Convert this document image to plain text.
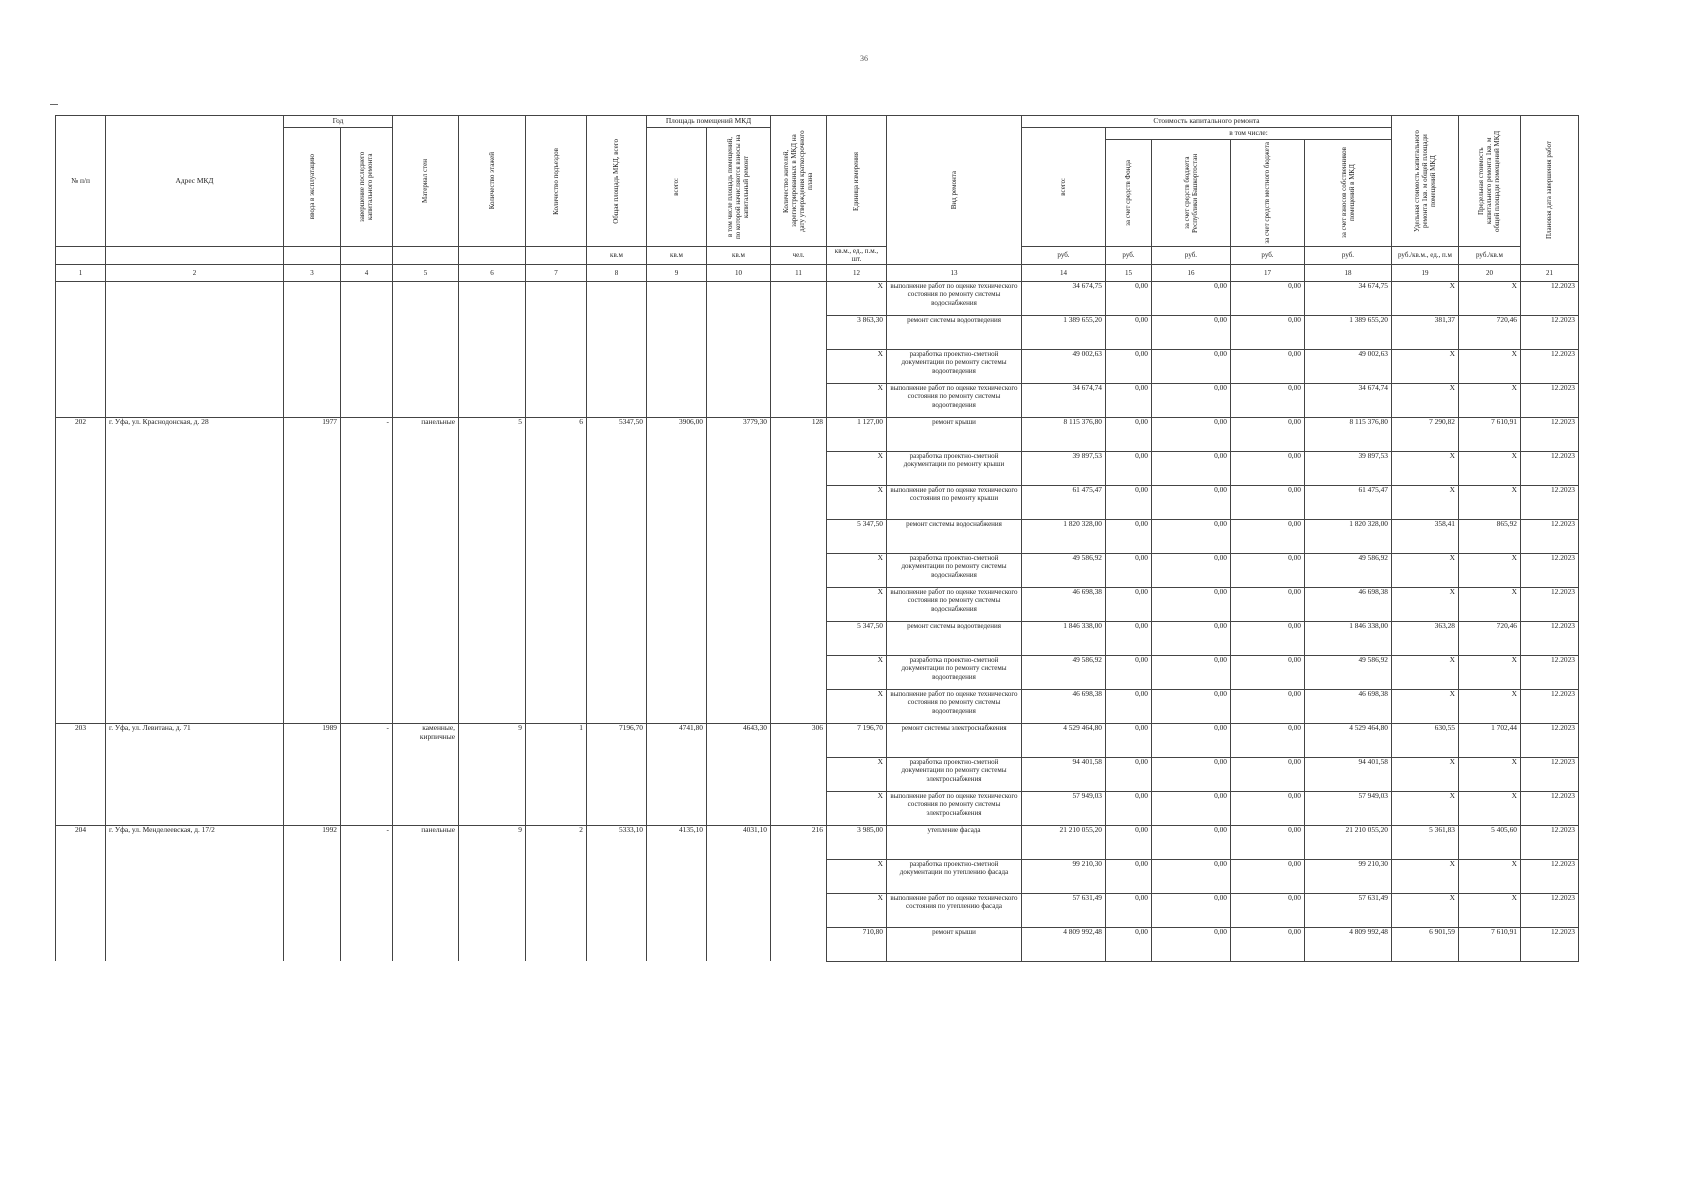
36
№ п/п	Адрес МКД	Год		Материал стен	Количество этажей	Количество подъездов	Общая площадь МКД, всего	Площадь помещений МКД		Количество жителей, зарегистрированных в МКД на дату утверждения краткосрочного плана	Единица измерения	Вид ремонта	Стоимость капитального ремонта					Удельная стоимость капитального ремонта 1кв. м общей площади помещений МКД	Предельная стоимость капитального ремонта 1кв. м общей площади помещений МКД	Плановая дата завершения работ

		ввода в эксплуатацию	завершение последнего капитального ремонта					всего:	в том числе площадь помещений, по которой начисляются взносы на капитальный ремонт				всего:	в том числе:						

														за счет средств Фонда	за счет средств бюджета Республики Башкортостан	за счет средств местного бюджета	за счет взносов собственников помещений в МКД			

							кв.м	кв.м	кв.м	чел.	кв.м., ед., п.м., шт.		руб.	руб.	руб.	руб.	руб.	руб./кв.м., ед., п.м	руб./кв.м	
1	2	3	4	5	6	7	8	9	10	11	12	13	14	15	16	17	18	19	20	21
											X	выполнение работ по оценке технического состояния по ремонту системы водоснабжения	34 674,75	0,00	0,00	0,00	34 674,75	X	X	12.2023
											3 863,30	ремонт системы водоотведения	1 389 655,20	0,00	0,00	0,00	1 389 655,20	381,37	720,46	12.2023
											X	разработка проектно-сметной документации по ремонту системы водоотведения	49 002,63	0,00	0,00	0,00	49 002,63	X	X	12.2023
											X	выполнение работ по оценке технического состояния по ремонту системы водоотведения	34 674,74	0,00	0,00	0,00	34 674,74	X	X	12.2023
202	г. Уфа, ул. Краснодонская, д. 28	1977	-	панельные	5	6	5347,50	3906,00	3779,30	128	1 127,00	ремонт крыши	8 115 376,80	0,00	0,00	0,00	8 115 376,80	7 290,82	7 610,91	12.2023
											X	разработка проектно-сметной документации по ремонту крыши	39 897,53	0,00	0,00	0,00	39 897,53	X	X	12.2023
											X	выполнение работ по оценке технического состояния по ремонту крыши	61 475,47	0,00	0,00	0,00	61 475,47	X	X	12.2023
											5 347,50	ремонт системы водоснабжения	1 820 328,00	0,00	0,00	0,00	1 820 328,00	358,41	865,92	12.2023
											X	разработка проектно-сметной документации по ремонту системы водоснабжения	49 586,92	0,00	0,00	0,00	49 586,92	X	X	12.2023
											X	выполнение работ по оценке технического состояния по ремонту системы водоснабжения	46 698,38	0,00	0,00	0,00	46 698,38	X	X	12.2023
											5 347,50	ремонт системы водоотведения	1 846 338,00	0,00	0,00	0,00	1 846 338,00	363,28	720,46	12.2023
											X	разработка проектно-сметной документации по ремонту системы водоотведения	49 586,92	0,00	0,00	0,00	49 586,92	X	X	12.2023
											X	выполнение работ по оценке технического состояния по ремонту системы водоотведения	46 698,38	0,00	0,00	0,00	46 698,38	X	X	12.2023
203	г. Уфа, ул. Левитана, д. 71	1989	-	каменные, кирпичные	9	1	7196,70	4741,80	4643,30	306	7 196,70	ремонт системы электроснабжения	4 529 464,80	0,00	0,00	0,00	4 529 464,80	630,55	1 702,44	12.2023
											X	разработка проектно-сметной документации по ремонту системы электроснабжения	94 401,58	0,00	0,00	0,00	94 401,58	X	X	12.2023
											X	выполнение работ по оценке технического состояния по ремонту системы электроснабжения	57 949,03	0,00	0,00	0,00	57 949,03	X	X	12.2023
204	г. Уфа, ул. Менделеевская, д. 17/2	1992	-	панельные	9	2	5333,10	4135,10	4031,10	216	3 985,00	утепление фасада	21 210 055,20	0,00	0,00	0,00	21 210 055,20	5 361,83	5 405,60	12.2023
											X	разработка проектно-сметной документации по утеплению фасада	99 210,30	0,00	0,00	0,00	99 210,30	X	X	12.2023
											X	выполнение работ по оценке технического состояния по утеплению фасада	57 631,49	0,00	0,00	0,00	57 631,49	X	X	12.2023
											710,80	ремонт крыши	4 809 992,48	0,00	0,00	0,00	4 809 992,48	6 901,59	7 610,91	12.2023
